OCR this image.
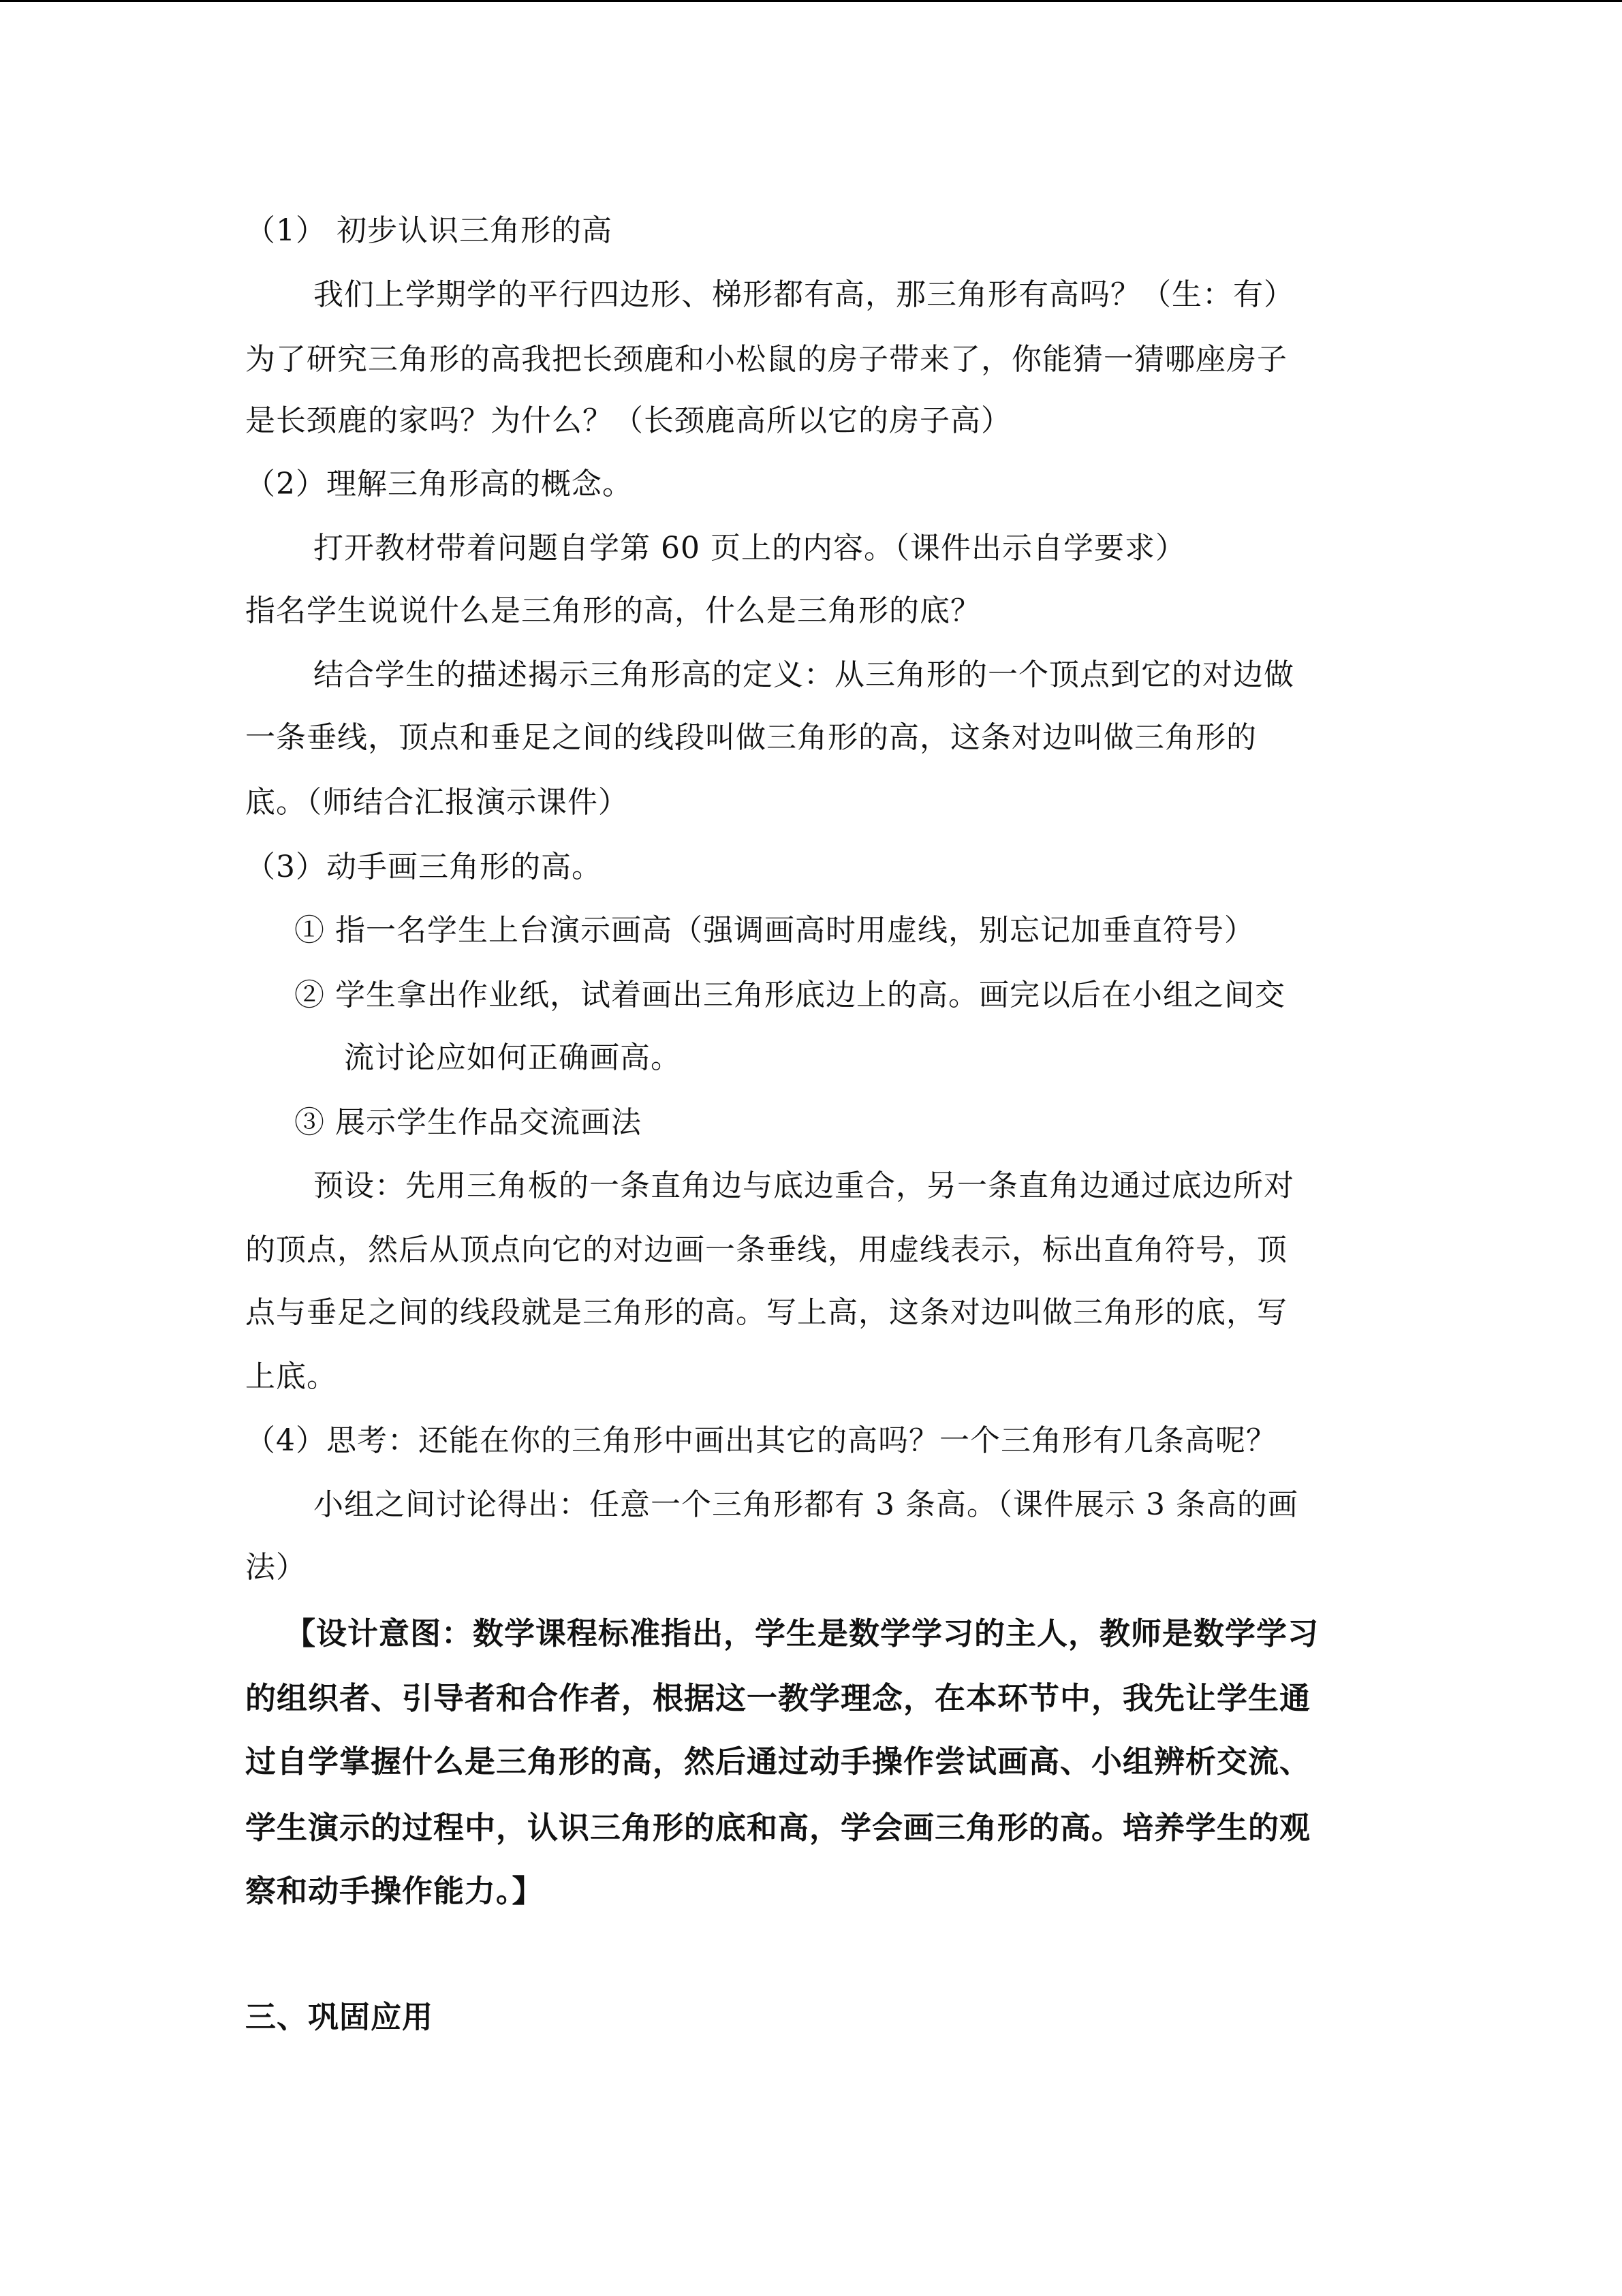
（1） 初步认识三角形的高
我们上学期学的平行四边形、梯形都有高，那三角形有高吗？（生：有）
为了研究三角形的高我把长颈鹿和小松鼠的房子带来了，你能猜一猜哪座房子
是长颈鹿的家吗？为什么？（长颈鹿高所以它的房子高）
（2）理解三角形高的概念。
打开教材带着问题自学第 60 页上的内容。（课件出示自学要求）
指名学生说说什么是三角形的高，什么是三角形的底？
结合学生的描述揭示三角形高的定义：从三角形的一个顶点到它的对边做
一条垂线，顶点和垂足之间的线段叫做三角形的高，这条对边叫做三角形的
底。（师结合汇报演示课件）
（3）动手画三角形的高。
① 指一名学生上台演示画高（强调画高时用虚线，别忘记加垂直符号）
② 学生拿出作业纸，试着画出三角形底边上的高。画完以后在小组之间交
流讨论应如何正确画高。
③ 展示学生作品交流画法
预设：先用三角板的一条直角边与底边重合，另一条直角边通过底边所对
的顶点，然后从顶点向它的对边画一条垂线，用虚线表示，标出直角符号，顶
点与垂足之间的线段就是三角形的高。写上高，这条对边叫做三角形的底，写
上底。
（4）思考：还能在你的三角形中画出其它的高吗？一个三角形有几条高呢？
小组之间讨论得出：任意一个三角形都有 3 条高。（课件展示 3 条高的画
法）
【设计意图：数学课程标准指出，学生是数学学习的主人，教师是数学学习
的组织者、引导者和合作者，根据这一教学理念，在本环节中，我先让学生通
过自学掌握什么是三角形的高，然后通过动手操作尝试画高、小组辨析交流、
学生演示的过程中，认识三角形的底和高，学会画三角形的高。培养学生的观
察和动手操作能力。】
三、巩固应用
